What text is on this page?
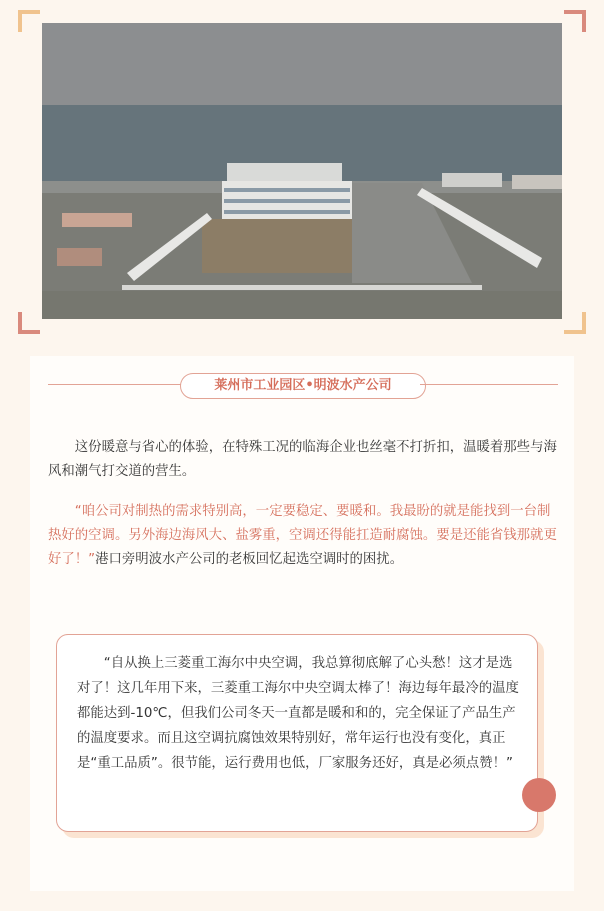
莱州市工业园区•明波水产公司

这份暖意与省心的体验，在特殊工况的临海企业也丝毫不打折扣，温暖着那些与海风和潮气打交道的营生。

“咱公司对制热的需求特别高，一定要稳定、要暖和。我最盼的就是能找到一台制热好的空调。另外海边海风大、盐雾重，空调还得能扛造耐腐蚀。要是还能省钱那就更好了！”港口旁明波水产公司的老板回忆起选空调时的困扰。

“自从换上三菱重工海尔中央空调，我总算彻底解了心头愁！这才是选对了！这几年用下来，三菱重工海尔中央空调太棒了！海边每年最冷的温度都能达到-10℃，但我们公司冬天一直都是暖和和的，完全保证了产品生产的温度要求。而且这空调抗腐蚀效果特别好，常年运行也没有变化，真正是“重工品质”。很节能，运行费用也低，厂家服务还好，真是必须点赞！”
